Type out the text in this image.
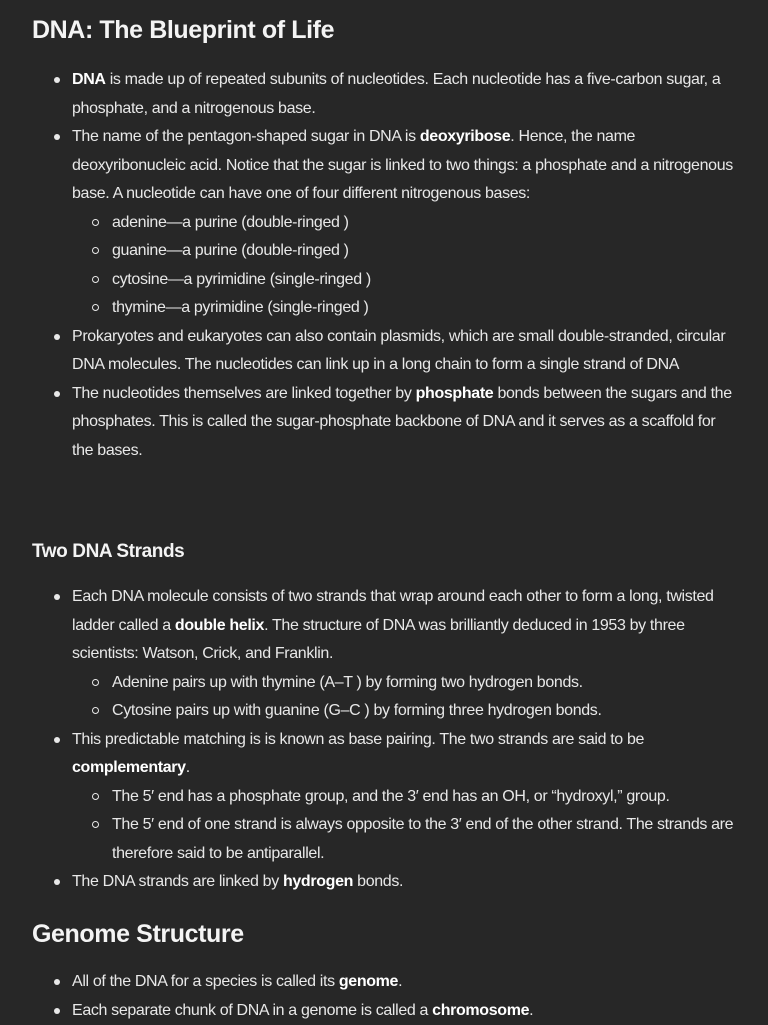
DNA: The Blueprint of Life
DNA is made up of repeated subunits of nucleotides. Each nucleotide has a five-carbon sugar, a phosphate, and a nitrogenous base.
The name of the pentagon-shaped sugar in DNA is deoxyribose. Hence, the name deoxyribonucleic acid. Notice that the sugar is linked to two things: a phosphate and a nitrogenous base. A nucleotide can have one of four different nitrogenous bases:
adenine—a purine (double-ringed )
guanine—a purine (double-ringed )
cytosine—a pyrimidine (single-ringed )
thymine—a pyrimidine (single-ringed )
Prokaryotes and eukaryotes can also contain plasmids, which are small double-stranded, circular DNA molecules. The nucleotides can link up in a long chain to form a single strand of DNA
The nucleotides themselves are linked together by phosphate bonds between the sugars and the phosphates. This is called the sugar-phosphate backbone of DNA and it serves as a scaffold for the bases.
Two DNA Strands
Each DNA molecule consists of two strands that wrap around each other to form a long, twisted ladder called a double helix. The structure of DNA was brilliantly deduced in 1953 by three scientists: Watson, Crick, and Franklin.
Adenine pairs up with thymine (A–T ) by forming two hydrogen bonds.
Cytosine pairs up with guanine (G–C ) by forming three hydrogen bonds.
This predictable matching is is known as base pairing. The two strands are said to be complementary.
The 5′ end has a phosphate group, and the 3′ end has an OH, or “hydroxyl,” group.
The 5′ end of one strand is always opposite to the 3′ end of the other strand. The strands are therefore said to be antiparallel.
The DNA strands are linked by hydrogen bonds.
Genome Structure
All of the DNA for a species is called its genome.
Each separate chunk of DNA in a genome is called a chromosome.
